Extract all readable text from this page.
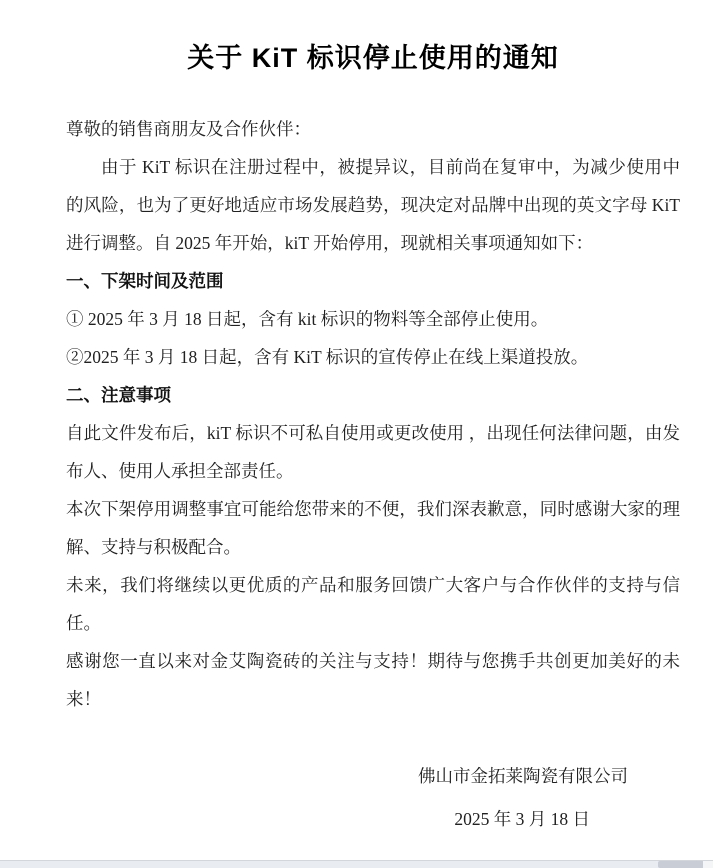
关于 KiT 标识停止使用的通知

尊敬的销售商朋友及合作伙伴：

由于 KiT 标识在注册过程中，被提异议，目前尚在复审中，为减少使用中的风险，也为了更好地适应市场发展趋势，现决定对品牌中出现的英文字母 KiT 进行调整。自 2025 年开始，kiT 开始停用，现就相关事项通知如下：

一、下架时间及范围

① 2025 年 3 月 18 日起，含有 kit 标识的物料等全部停止使用。

②2025 年 3 月 18 日起，含有 KiT 标识的宣传停止在线上渠道投放。

二、注意事项

自此文件发布后，kiT 标识不可私自使用或更改使用 ，出现任何法律问题，由发布人、使用人承担全部责任。

本次下架停用调整事宜可能给您带来的不便，我们深表歉意，同时感谢大家的理解、支持与积极配合。

未来，我们将继续以更优质的产品和服务回馈广大客户与合作伙伴的支持与信任。

感谢您一直以来对金艾陶瓷砖的关注与支持！期待与您携手共创更加美好的未来！

佛山市金拓莱陶瓷有限公司

2025 年 3 月 18 日
